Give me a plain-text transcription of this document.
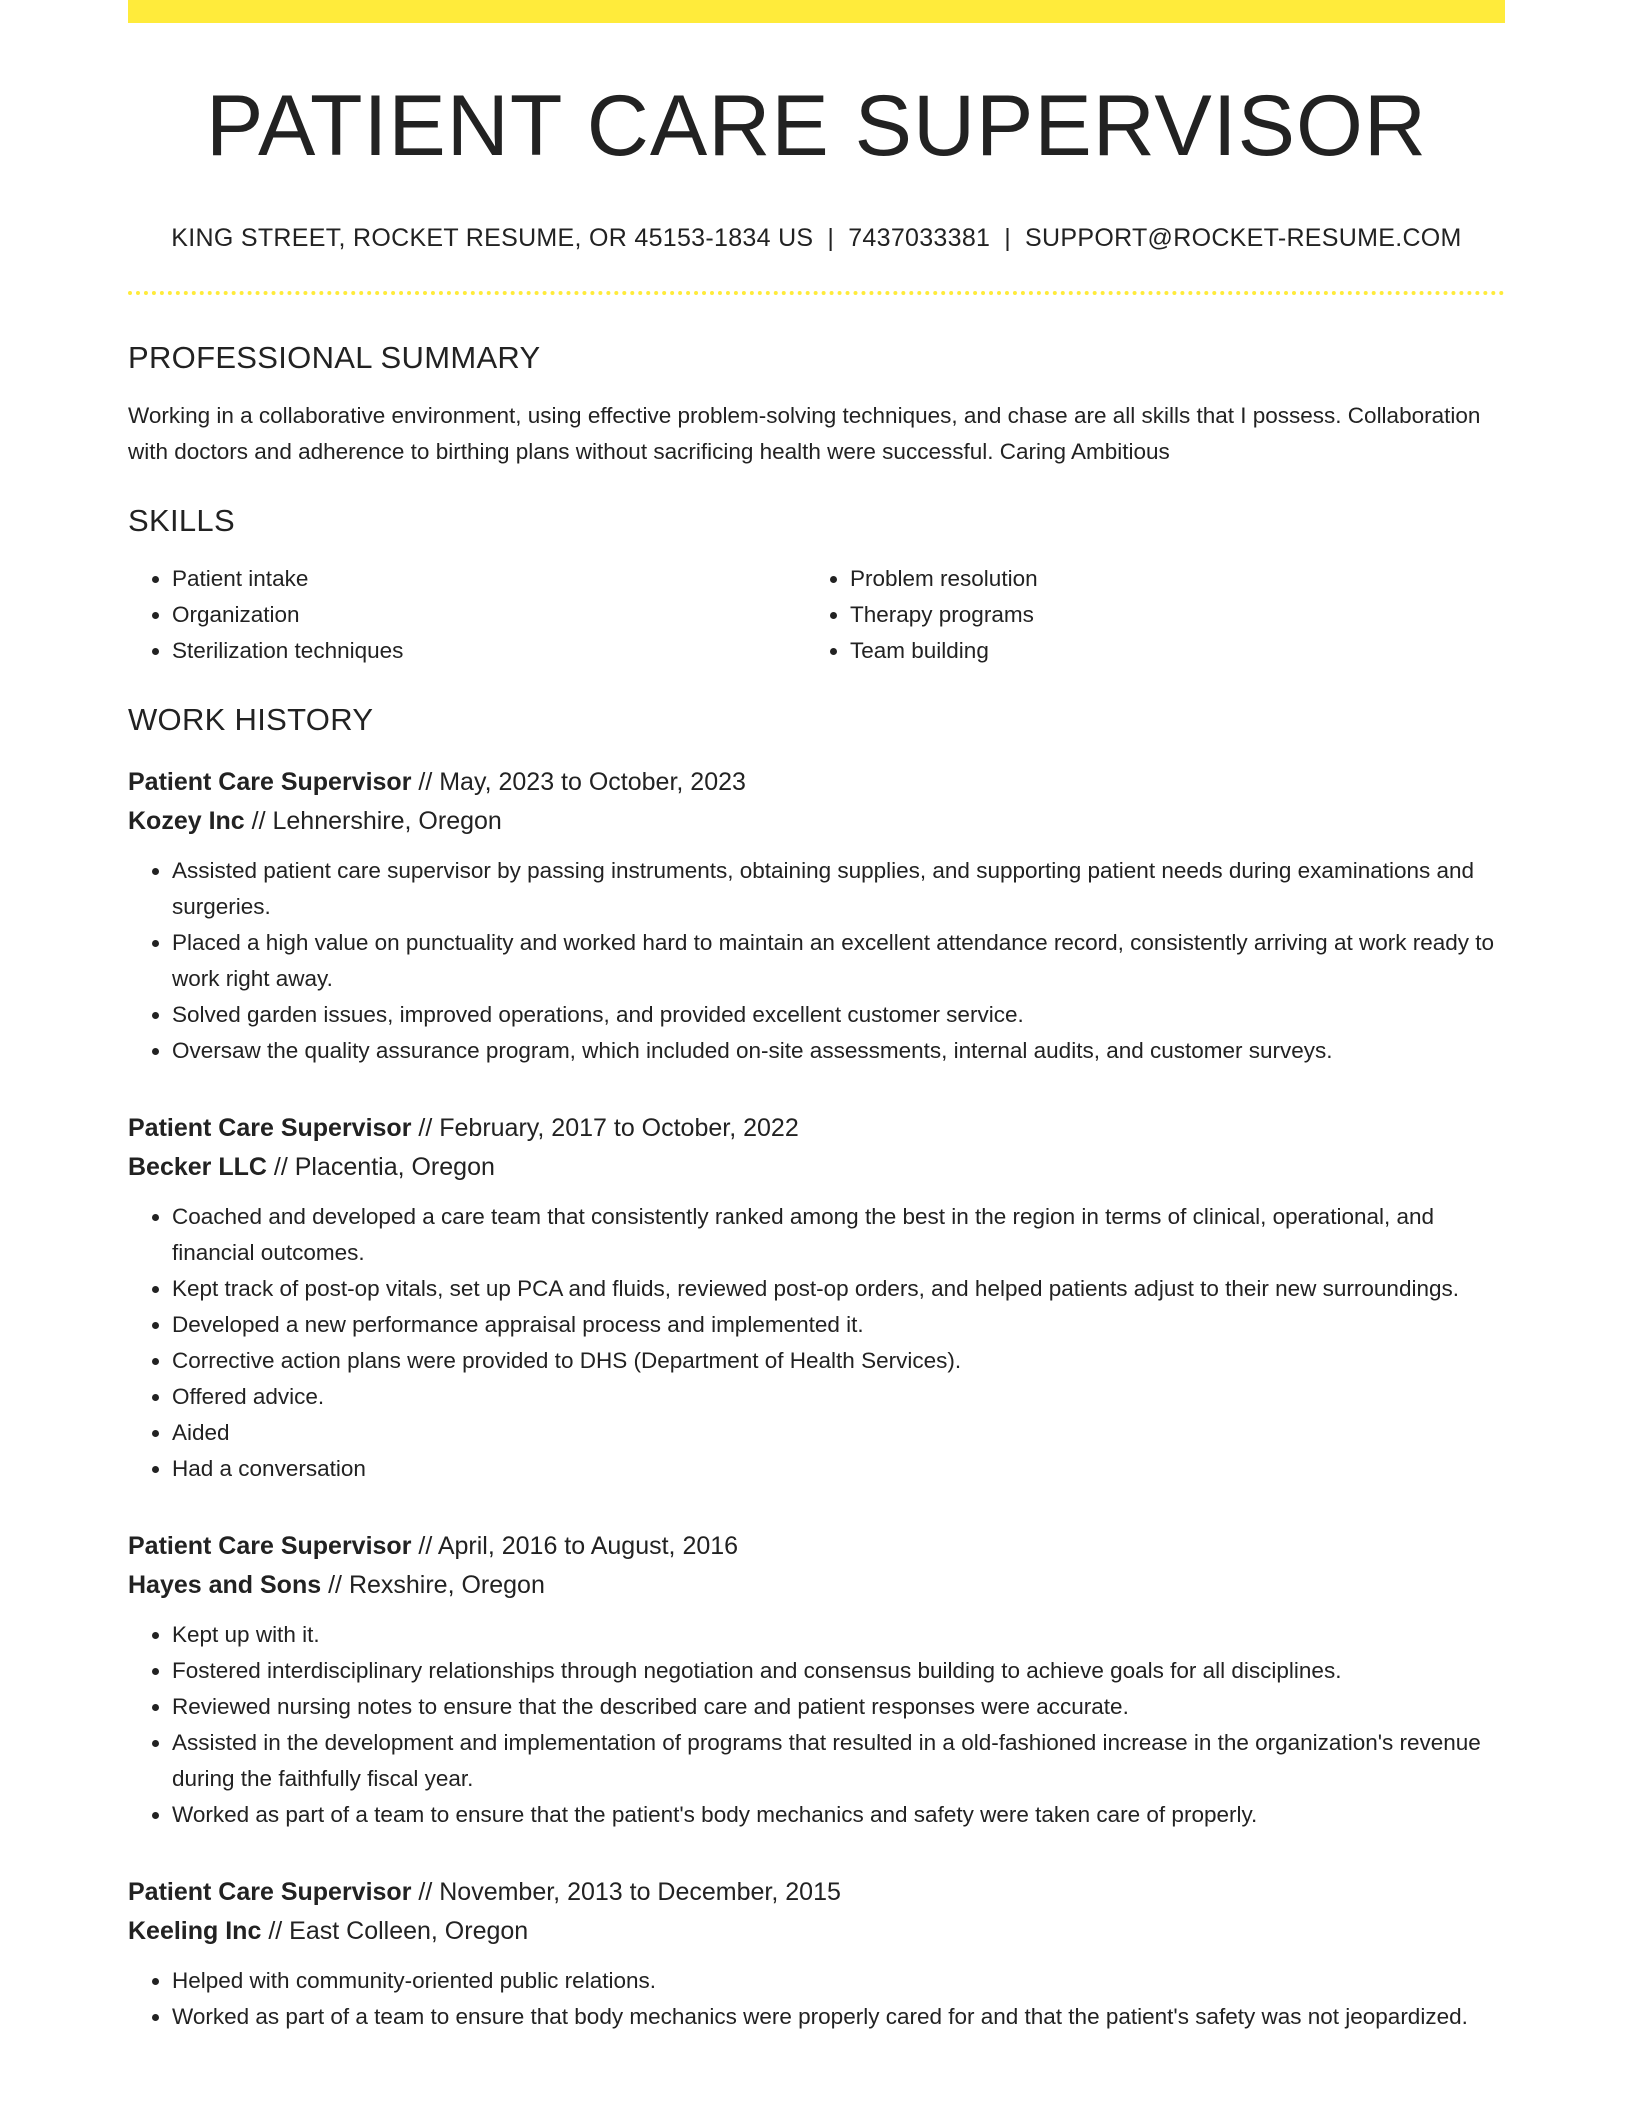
PATIENT CARE SUPERVISOR
KING STREET, ROCKET RESUME, OR 45153-1834 US | 7437033381 | SUPPORT@ROCKET-RESUME.COM
PROFESSIONAL SUMMARY

Working in a collaborative environment, using effective problem-solving techniques, and chase are all skills that I possess. Collaboration with doctors and adherence to birthing plans without sacrificing health were successful. Caring Ambitious

SKILLS
• Patient intake
• Organization
• Sterilization techniques
• Problem resolution
• Therapy programs
• Team building
WORK HISTORY
Patient Care Supervisor // May, 2023 to October, 2023
Kozey Inc // Lehnershire, Oregon
• Assisted patient care supervisor by passing instruments, obtaining supplies, and supporting patient needs during examinations and surgeries.
• Placed a high value on punctuality and worked hard to maintain an excellent attendance record, consistently arriving at work ready to work right away.
• Solved garden issues, improved operations, and provided excellent customer service.
• Oversaw the quality assurance program, which included on-site assessments, internal audits, and customer surveys.
Patient Care Supervisor // February, 2017 to October, 2022
Becker LLC // Placentia, Oregon
• Coached and developed a care team that consistently ranked among the best in the region in terms of clinical, operational, and financial outcomes.
• Kept track of post-op vitals, set up PCA and fluids, reviewed post-op orders, and helped patients adjust to their new surroundings.
• Developed a new performance appraisal process and implemented it.
• Corrective action plans were provided to DHS (Department of Health Services).
• Offered advice.
• Aided
• Had a conversation
Patient Care Supervisor // April, 2016 to August, 2016
Hayes and Sons // Rexshire, Oregon
• Kept up with it.
• Fostered interdisciplinary relationships through negotiation and consensus building to achieve goals for all disciplines.
• Reviewed nursing notes to ensure that the described care and patient responses were accurate.
• Assisted in the development and implementation of programs that resulted in a old-fashioned increase in the organization's revenue during the faithfully fiscal year.
• Worked as part of a team to ensure that the patient's body mechanics and safety were taken care of properly.
Patient Care Supervisor // November, 2013 to December, 2015
Keeling Inc // East Colleen, Oregon
• Helped with community-oriented public relations.
• Worked as part of a team to ensure that body mechanics were properly cared for and that the patient's safety was not jeopardized.
